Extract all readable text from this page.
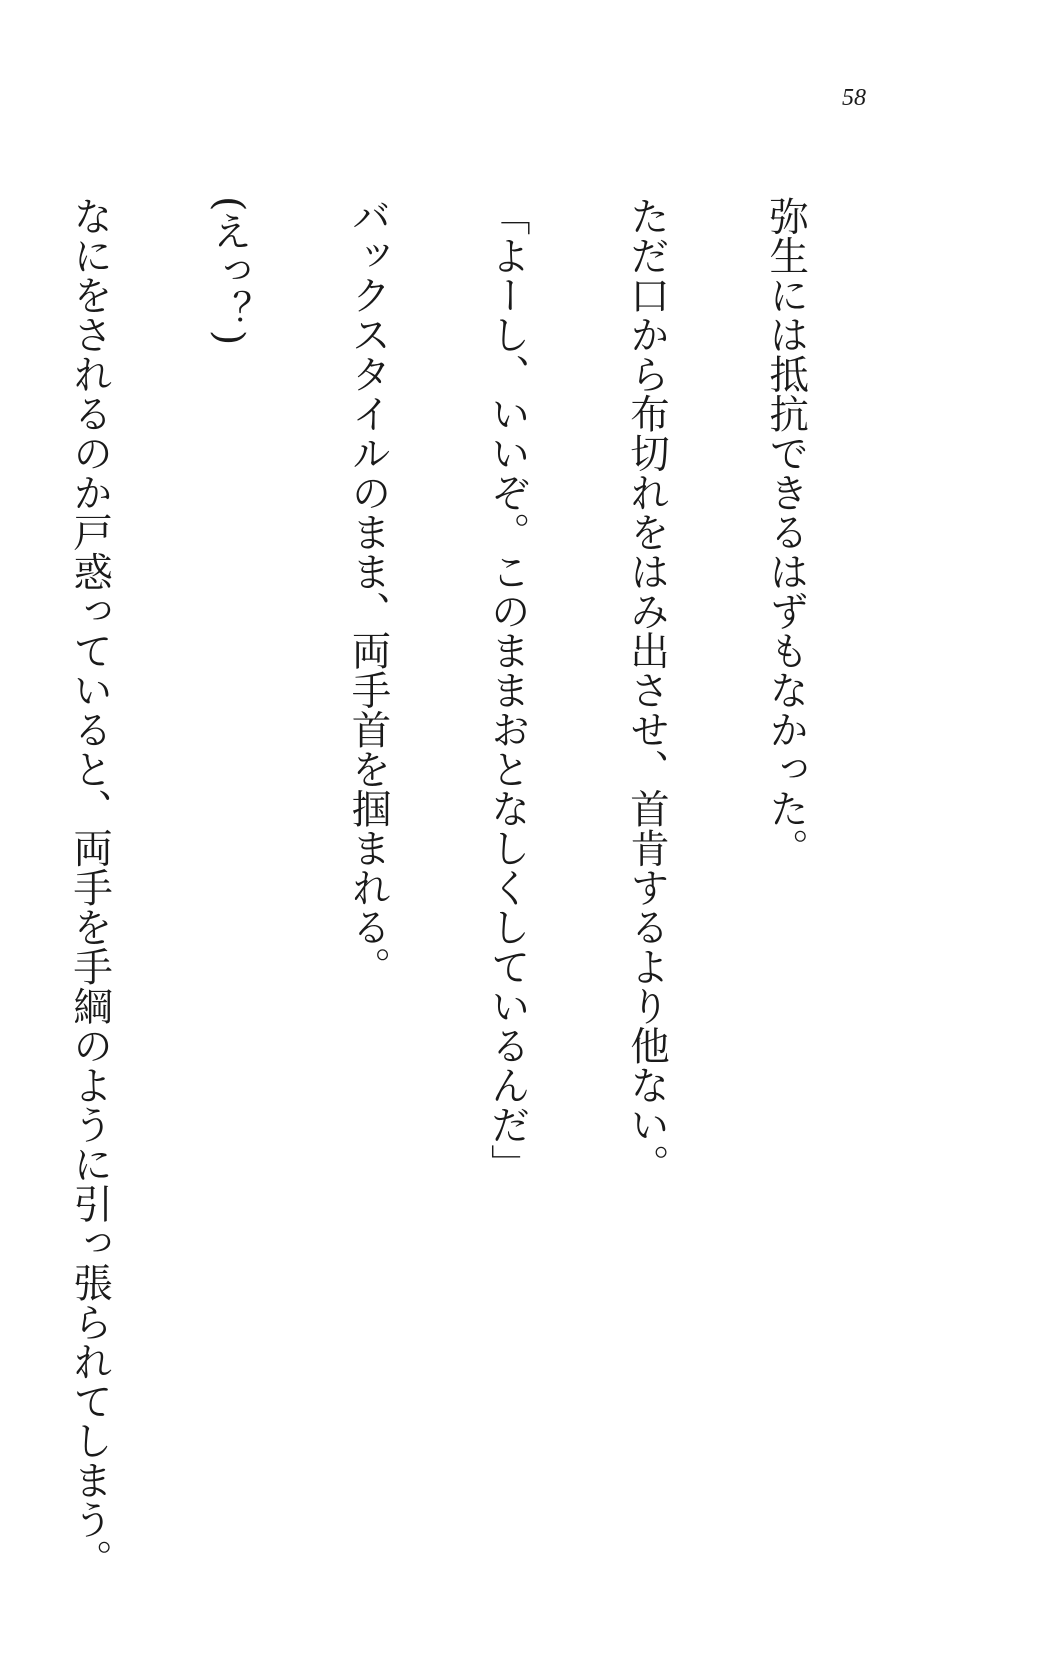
58

弥生には抵抗できるはずもなかった。

ただ口から布切れをはみ出させ、首肯するより他ない。

「よーし、いいぞ。このままおとなしくしているんだ」

バックスタイルのまま、両手首を掴まれる。

(えっ？)

なにをされるのか戸惑っていると、両手を手綱のように引っ張られてしまう。
